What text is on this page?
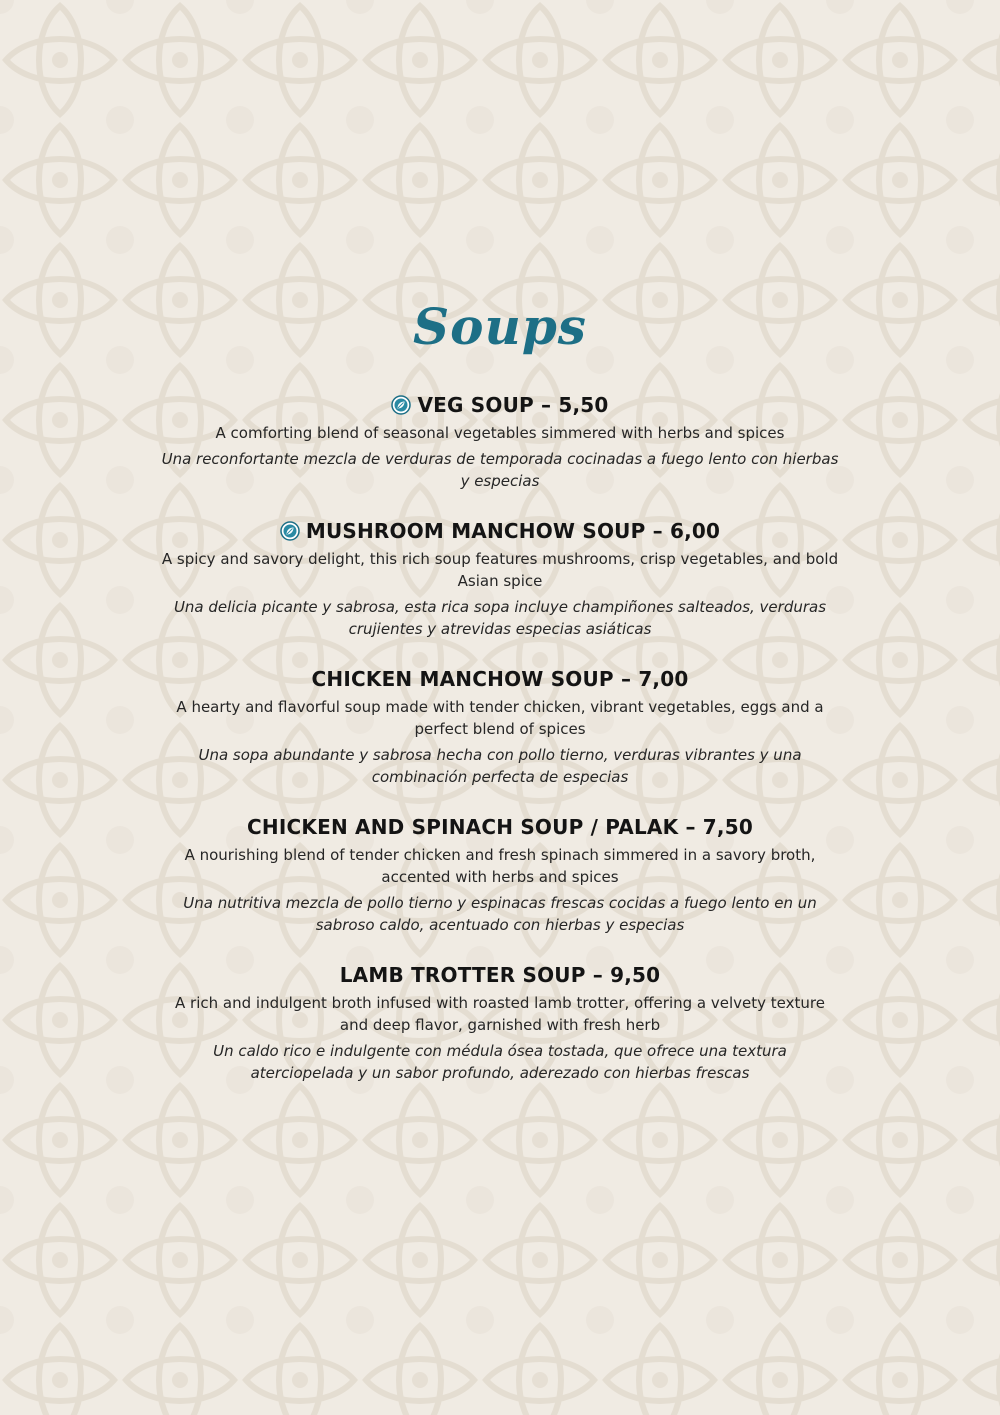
Soups
VEG SOUP – 5,50
A comforting blend of seasonal vegetables simmered with herbs and spices
Una reconfortante mezcla de verduras de temporada cocinadas a fuego lento con hierbas y especias
MUSHROOM MANCHOW SOUP – 6,00
A spicy and savory delight, this rich soup features mushrooms, crisp vegetables, and bold Asian spice
Una delicia picante y sabrosa, esta rica sopa incluye champiñones salteados, verduras crujientes y atrevidas especias asiáticas
CHICKEN MANCHOW SOUP – 7,00
A hearty and flavorful soup made with tender chicken, vibrant vegetables, eggs and a perfect blend of spices
Una sopa abundante y sabrosa hecha con pollo tierno, verduras vibrantes y una combinación perfecta de especias
CHICKEN AND SPINACH SOUP / PALAK – 7,50
A nourishing blend of tender chicken and fresh spinach simmered in a savory broth, accented with herbs and spices
Una nutritiva mezcla de pollo tierno y espinacas frescas cocidas a fuego lento en un sabroso caldo, acentuado con hierbas y especias
LAMB TROTTER SOUP – 9,50
A rich and indulgent broth infused with roasted lamb trotter, offering a velvety texture and deep flavor, garnished with fresh herb
Un caldo rico e indulgente con médula ósea tostada, que ofrece una textura aterciopelada y un sabor profundo, aderezado con hierbas frescas
